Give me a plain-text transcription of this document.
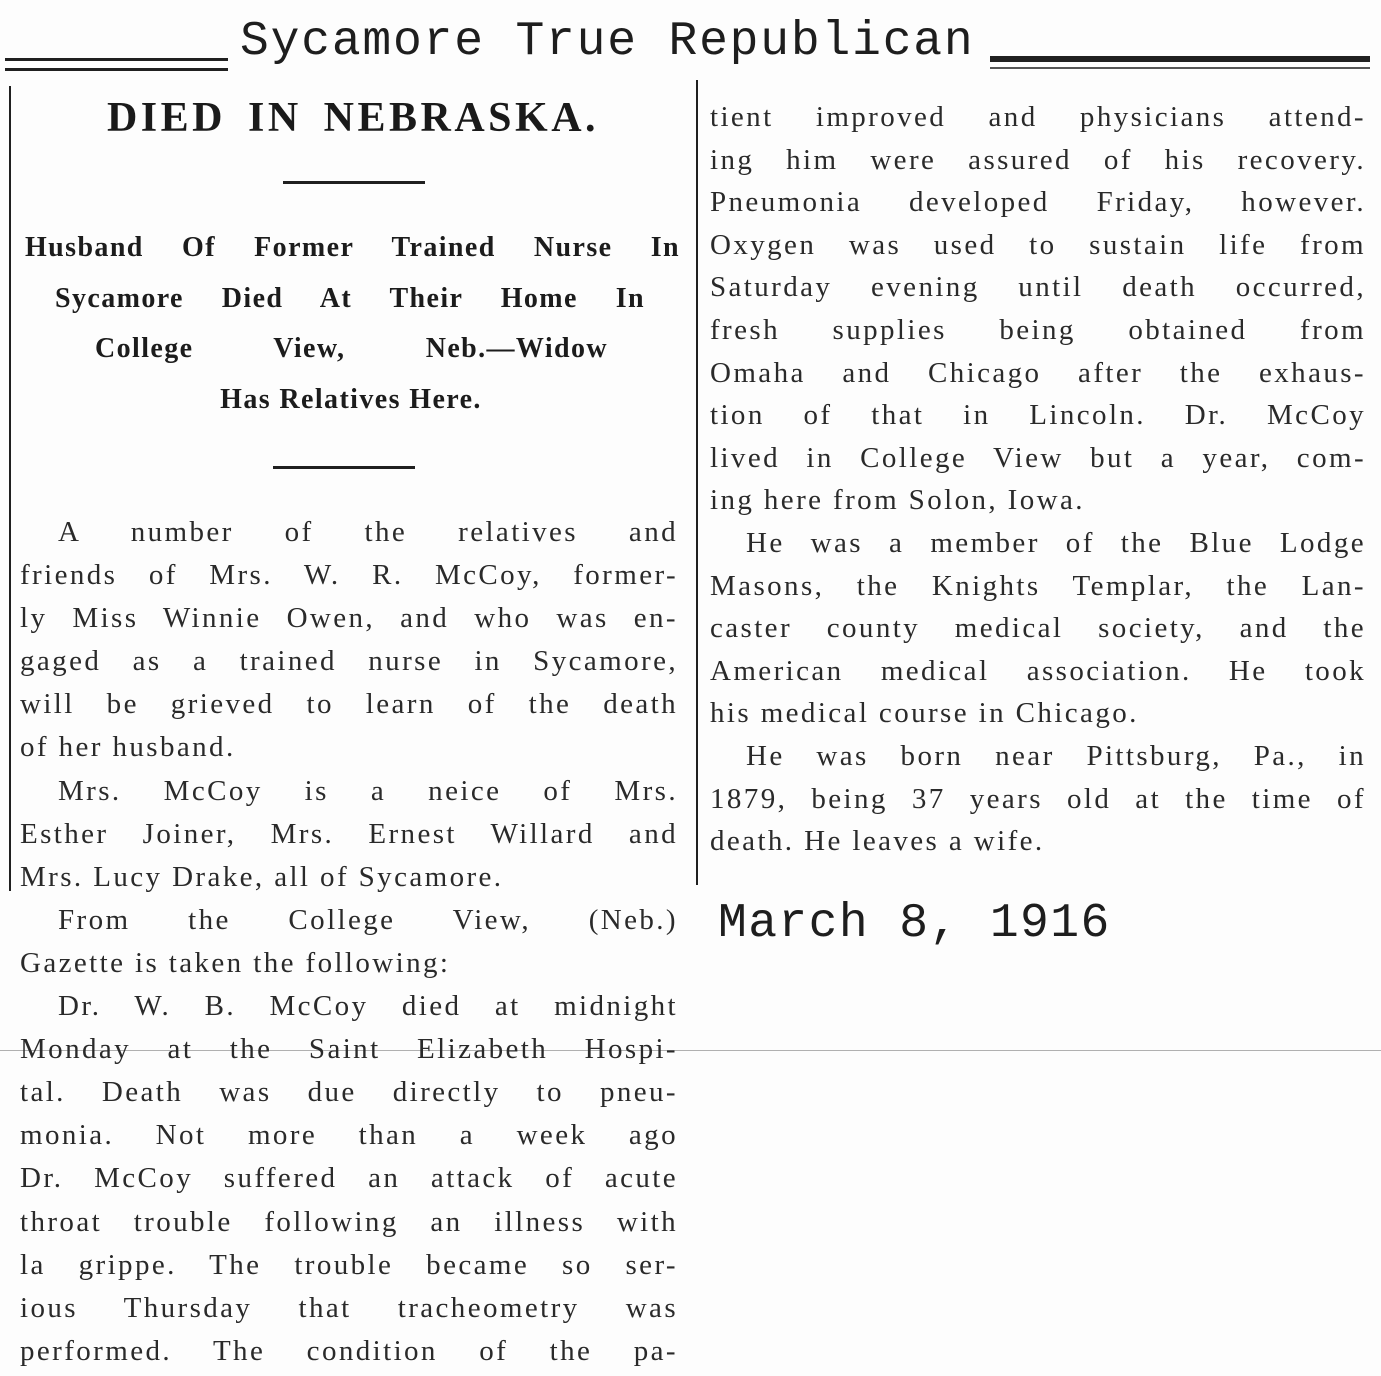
Sycamore True Republican
DIED IN NEBRASKA.
Husband Of Former Trained Nurse In
Sycamore Died At Their Home In
College View, Neb.—Widow
Has Relatives Here.
A number of the relatives and
friends of Mrs. W. R. McCoy, former-
ly Miss Winnie Owen, and who was en-
gaged as a trained nurse in Sycamore,
will be grieved to learn of the death
of her husband.
Mrs. McCoy is a neice of Mrs.
Esther Joiner, Mrs. Ernest Willard and
Mrs. Lucy Drake, all of Sycamore.
From the College View, (Neb.)
Gazette is taken the following:
Dr. W. B. McCoy died at midnight
Monday at the Saint Elizabeth Hospi-
tal. Death was due directly to pneu-
monia. Not more than a week ago
Dr. McCoy suffered an attack of acute
throat trouble following an illness with
la grippe. The trouble became so ser-
ious Thursday that tracheometry was
performed. The condition of the pa-
tient improved and physicians attend-
ing him were assured of his recovery.
Pneumonia developed Friday, however.
Oxygen was used to sustain life from
Saturday evening until death occurred,
fresh supplies being obtained from
Omaha and Chicago after the exhaus-
tion of that in Lincoln. Dr. McCoy
lived in College View but a year, com-
ing here from Solon, Iowa.
He was a member of the Blue Lodge
Masons, the Knights Templar, the Lan-
caster county medical society, and the
American medical association. He took
his medical course in Chicago.
He was born near Pittsburg, Pa., in
1879, being 37 years old at the time of
death. He leaves a wife.
March 8, 1916
